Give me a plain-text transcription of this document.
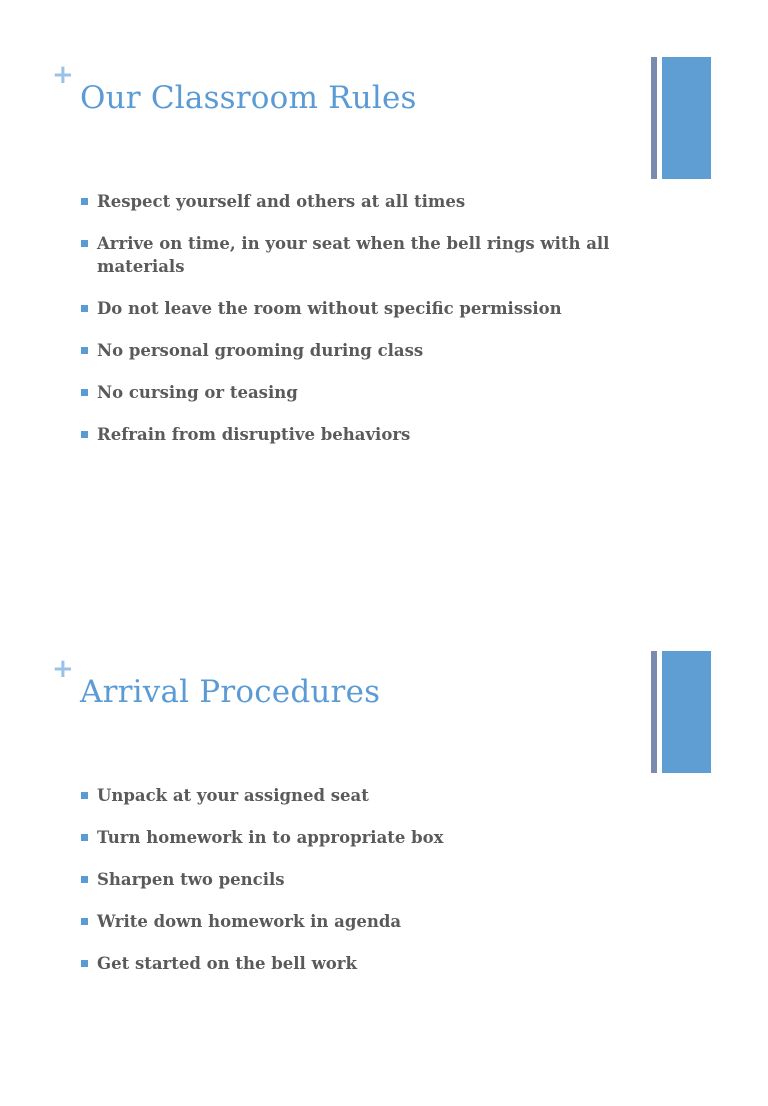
+
Our Classroom Rules
Respect yourself and others at all times
Arrive on time, in your seat when the bell rings with all materials
Do not leave the room without specific permission
No personal grooming during class
No cursing or teasing
Refrain from disruptive behaviors
+
Arrival Procedures
Unpack at your assigned seat
Turn homework in to appropriate box
Sharpen two pencils
Write down homework in agenda
Get started on the bell work
